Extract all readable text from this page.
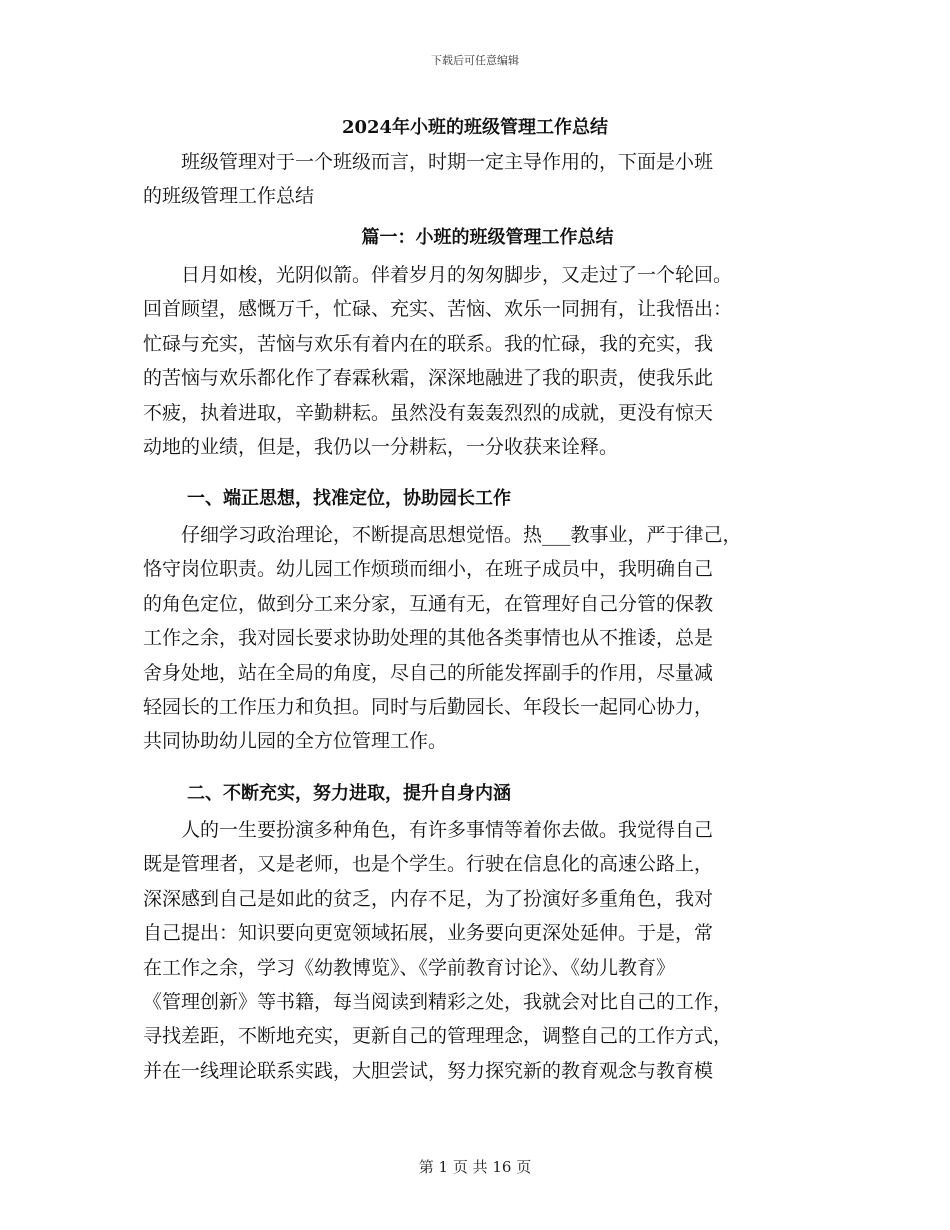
下载后可任意编辑
2024年小班的班级管理工作总结
　　班级管理对于一个班级而言，时期一定主导作用的，下面是小班
的班级管理工作总结
篇一：小班的班级管理工作总结
　　日月如梭，光阴似箭。伴着岁月的匆匆脚步，又走过了一个轮回。
回首顾望，感慨万千，忙碌、充实、苦恼、欢乐一同拥有，让我悟出：
忙碌与充实，苦恼与欢乐有着内在的联系。我的忙碌，我的充实，我
的苦恼与欢乐都化作了春霖秋霜，深深地融进了我的职责，使我乐此
不疲，执着进取，辛勤耕耘。虽然没有轰轰烈烈的成就，更没有惊天
动地的业绩，但是，我仍以一分耕耘，一分收获来诠释。
一、端正思想，找准定位，协助园长工作
　　仔细学习政治理论，不断提高思想觉悟。热___教事业，严于律己，
恪守岗位职责。幼儿园工作烦琐而细小，在班子成员中，我明确自己
的角色定位，做到分工来分家，互通有无，在管理好自己分管的保教
工作之余，我对园长要求协助处理的其他各类事情也从不推诿，总是
舍身处地，站在全局的角度，尽自己的所能发挥副手的作用，尽量减
轻园长的工作压力和负担。同时与后勤园长、年段长一起同心协力，
共同协助幼儿园的全方位管理工作。
二、不断充实，努力进取，提升自身内涵
　　人的一生要扮演多种角色，有许多事情等着你去做。我觉得自己
既是管理者，又是老师，也是个学生。行驶在信息化的高速公路上，
深深感到自己是如此的贫乏，内存不足，为了扮演好多重角色，我对
自己提出：知识要向更宽领域拓展，业务要向更深处延伸。于是，常
在工作之余，学习《幼教博览》、《学前教育讨论》、《幼儿教育》
《管理创新》等书籍，每当阅读到精彩之处，我就会对比自己的工作，
寻找差距，不断地充实，更新自己的管理理念，调整自己的工作方式，
并在一线理论联系实践，大胆尝试，努力探究新的教育观念与教育模
第 1 页 共 16 页
